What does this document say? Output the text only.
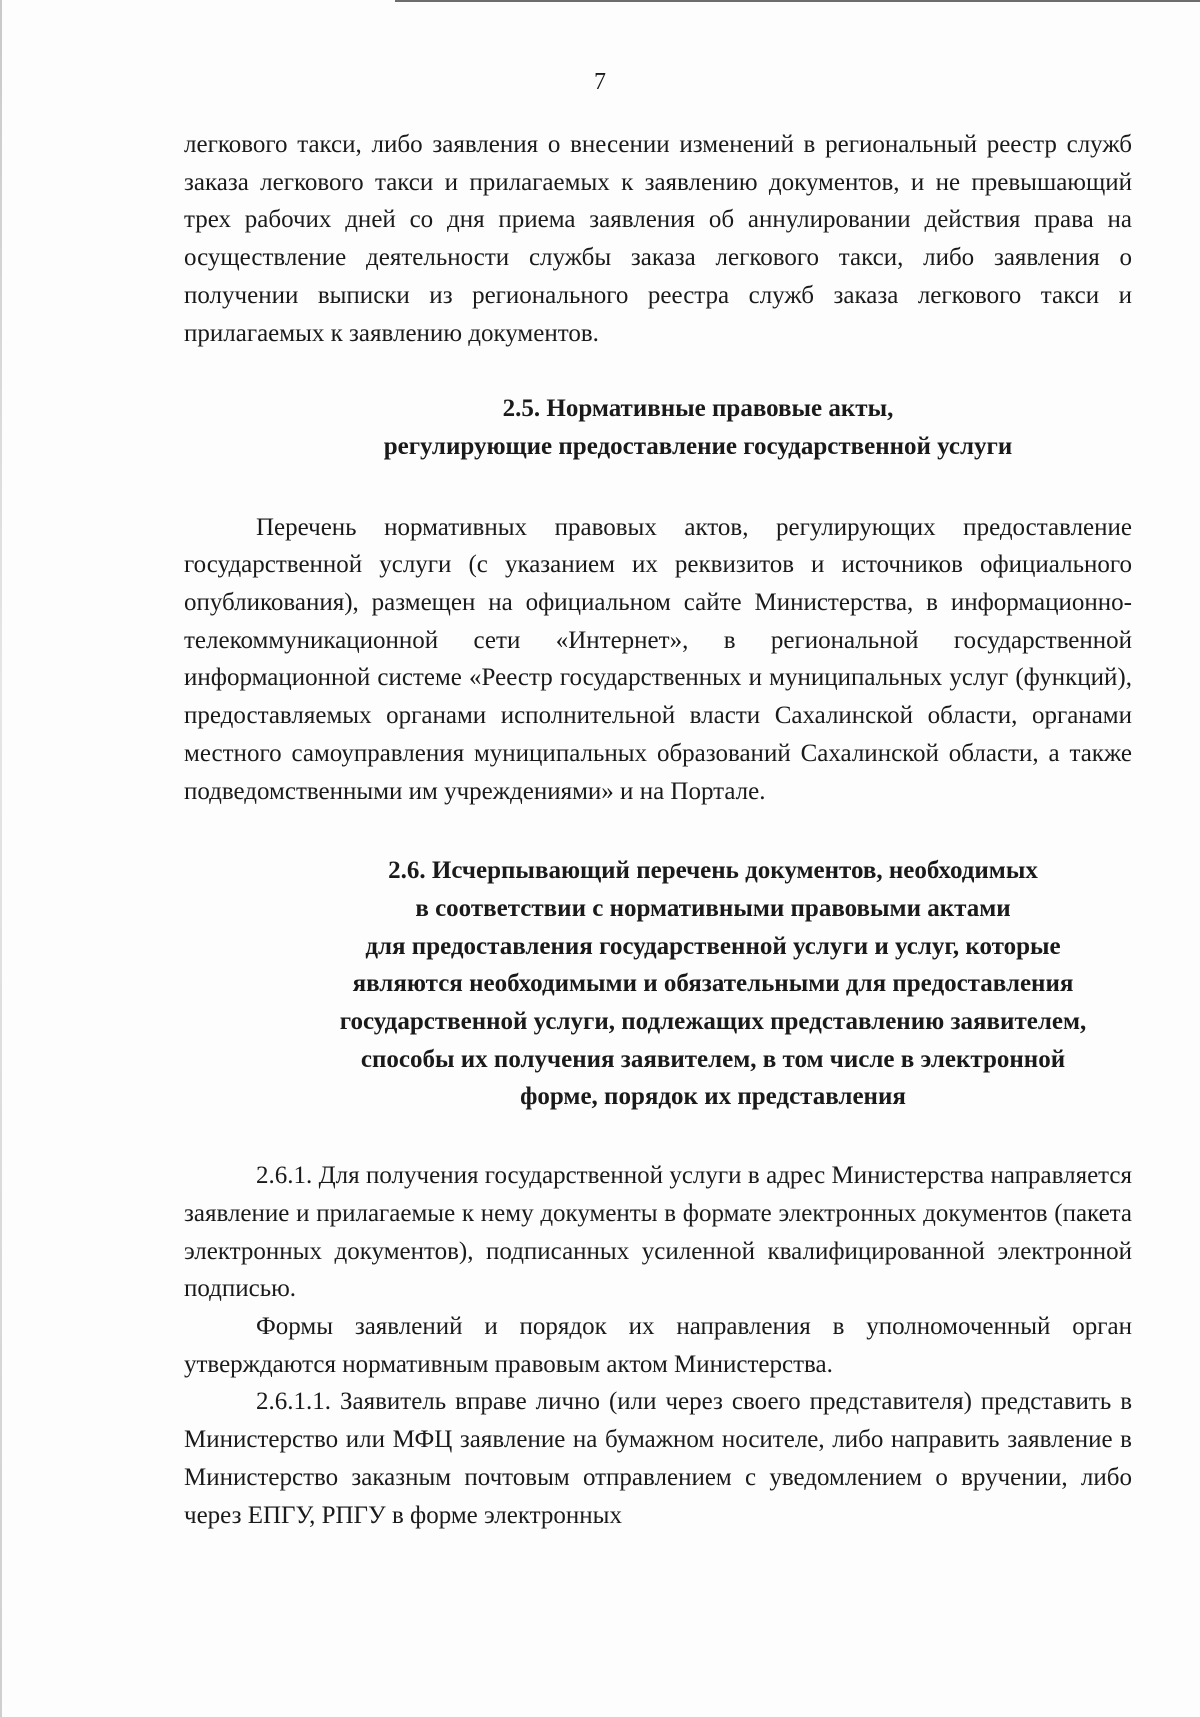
7

легкового такси, либо заявления о внесении изменений в региональный реестр служб заказа легкового такси и прилагаемых к заявлению документов, и не превышающий трех рабочих дней со дня приема заявления об аннулировании действия права на осуществление деятельности службы заказа легкового такси, либо заявления о получении выписки из регионального реестра служб заказа легкового такси и прилагаемых к заявлению документов.

2.5. Нормативные правовые акты,
регулирующие предоставление государственной услуги

Перечень нормативных правовых актов, регулирующих предоставление государственной услуги (с указанием их реквизитов и источников официального опубликования), размещен на официальном сайте Министерства, в информационно-телекоммуникационной сети «Интернет», в региональной государственной информационной системе «Реестр государственных и муниципальных услуг (функций), предоставляемых органами исполнительной власти Сахалинской области, органами местного самоуправления муниципальных образований Сахалинской области, а также подведомственными им учреждениями» и на Портале.

2.6. Исчерпывающий перечень документов, необходимых
в соответствии с нормативными правовыми актами
для предоставления государственной услуги и услуг, которые
являются необходимыми и обязательными для предоставления
государственной услуги, подлежащих представлению заявителем,
способы их получения заявителем, в том числе в электронной
форме, порядок их представления

2.6.1. Для получения государственной услуги в адрес Министерства направляется заявление и прилагаемые к нему документы в формате электронных документов (пакета электронных документов), подписанных усиленной квалифицированной электронной подписью.

Формы заявлений и порядок их направления в уполномоченный орган утверждаются нормативным правовым актом Министерства.

2.6.1.1. Заявитель вправе лично (или через своего представителя) представить в Министерство или МФЦ заявление на бумажном носителе, либо направить заявление в Министерство заказным почтовым отправлением с уведомлением о вручении, либо через ЕПГУ, РПГУ в форме электронных
